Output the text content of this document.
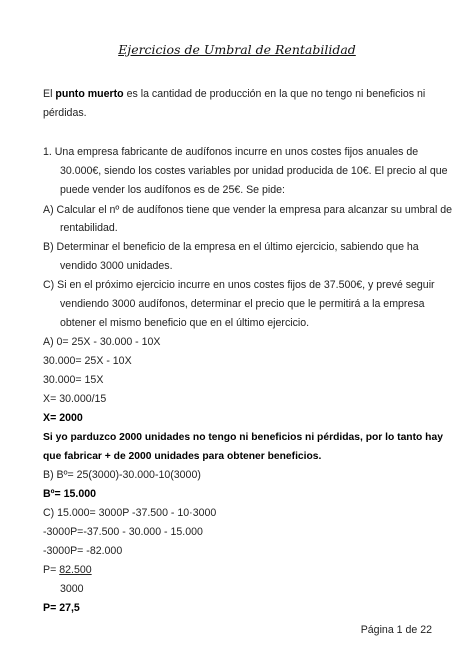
Ejercicios de Umbral de Rentabilidad
El punto muerto es la cantidad de producción en la que no tengo ni beneficios ni
pérdidas.
1. Una empresa fabricante de audífonos incurre en unos costes fijos anuales de
30.000€, siendo los costes variables por unidad producida de 10€. El precio al que
puede vender los audífonos es de 25€. Se pide:
A) Calcular el nº de audífonos tiene que vender la empresa para alcanzar su umbral de
rentabilidad.
B) Determinar el beneficio de la empresa en el último ejercicio, sabiendo que ha
vendido 3000 unidades.
C) Si en el próximo ejercicio incurre en unos costes fijos de 37.500€, y prevé seguir
vendiendo 3000 audífonos, determinar el precio que le permitirá a la empresa
obtener el mismo beneficio que en el último ejercicio.
A) 0= 25X - 30.000 - 10X
30.000= 25X - 10X
30.000= 15X
X= 30.000/15
X= 2000
Si yo parduzco 2000 unidades no tengo ni beneficios ni pérdidas, por lo tanto hay
que fabricar + de 2000 unidades para obtener beneficios.
B) Bº= 25(3000)-30.000-10(3000)
Bº= 15.000
C) 15.000= 3000P -37.500 - 10·3000
-3000P=-37.500 - 30.000 - 15.000
-3000P= -82.000
P= 82.500
3000
P= 27,5
Página 1 de 22
